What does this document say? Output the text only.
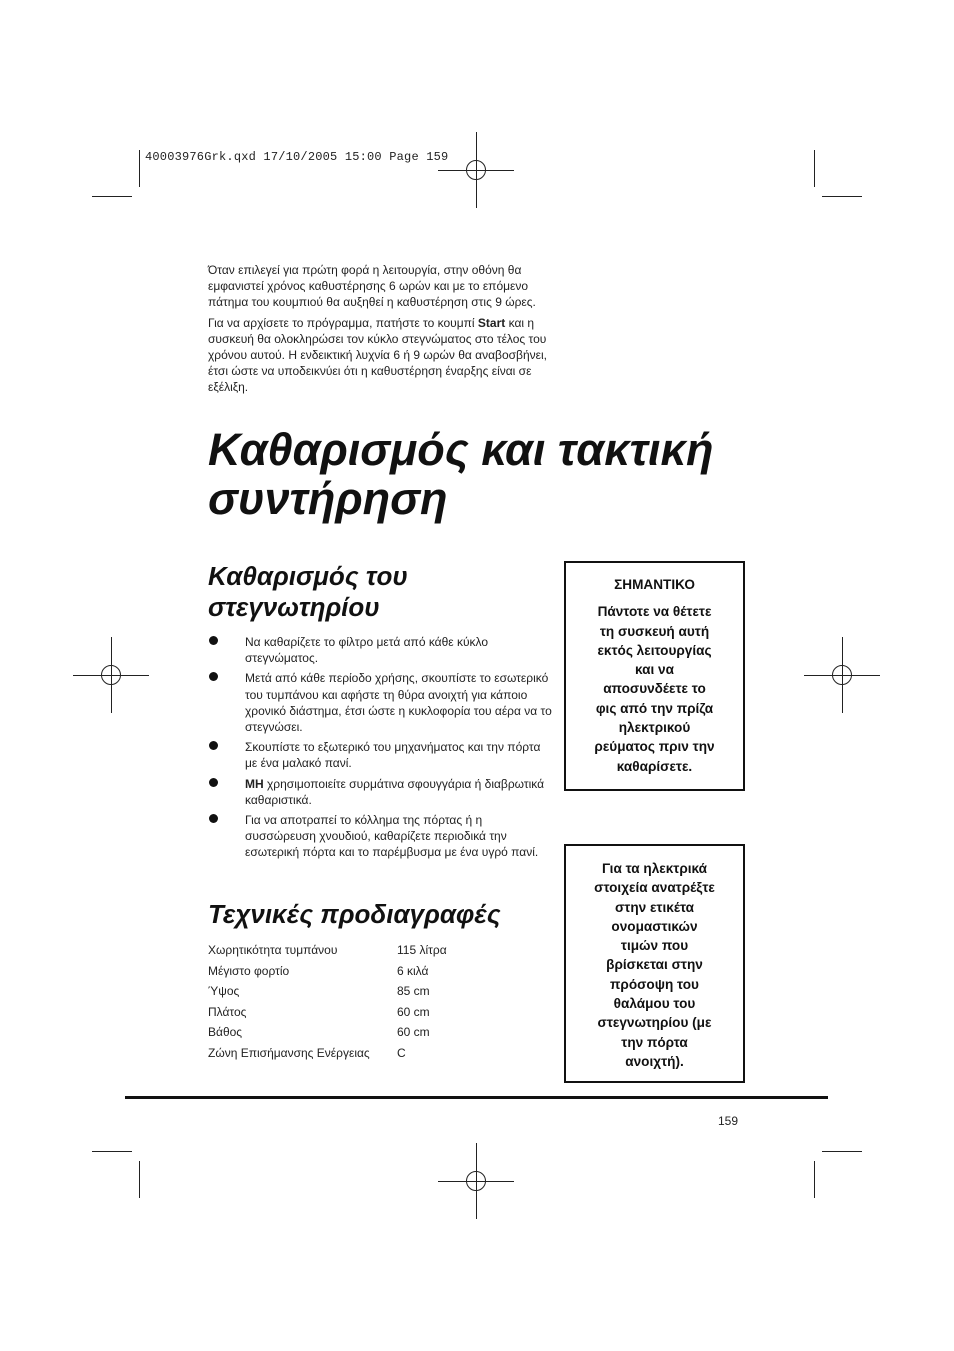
40003976Grk.qxd 17/10/2005 15:00 Page 159

Όταν επιλεγεί για πρώτη φορά η λειτουργία, στην οθόνη θα εμφανιστεί χρόνος καθυστέρησης 6 ωρών και με το επόμενο πάτημα του κουμπιού θα αυξηθεί η καθυστέρηση στις 9 ώρες.

Για να αρχίσετε το πρόγραμμα, πατήστε το κουμπί Start και η συσκευή θα ολοκληρώσει τον κύκλο στεγνώματος στο τέλος του χρόνου αυτού. Η ενδεικτική λυχνία 6 ή 9 ωρών θα αναβοσβήνει, έτσι ώστε να υποδεικνύει ότι η καθυστέρηση έναρξης είναι σε εξέλιξη.

Καθαρισμός και τακτική
συντήρηση
Καθαρισμός του
στεγνωτηρίου
Να καθαρίζετε το φίλτρο μετά από κάθε κύκλο στεγνώματος.
Μετά από κάθε περίοδο χρήσης, σκουπίστε το εσωτερικό του τυμπάνου και αφήστε τη θύρα ανοιχτή για κάποιο χρονικό διάστημα, έτσι ώστε η κυκλοφορία του αέρα να το στεγνώσει.
Σκουπίστε το εξωτερικό του μηχανήματος και την πόρτα με ένα μαλακό πανί.
ΜΗ χρησιμοποιείτε συρμάτινα σφουγγάρια ή διαβρωτικά καθαριστικά.
Για να αποτραπεί το κόλλημα της πόρτας ή η συσσώρευση χνουδιού, καθαρίζετε περιοδικά την εσωτερική πόρτα και το παρέμβυσμα με ένα υγρό πανί.
Τεχνικές προδιαγραφές
Χωρητικότητα τυμπάνου	115 λίτρα
Μέγιστο φορτίο	6 κιλά
Ύψος	85 cm
Πλάτος	60 cm
Βάθος	60 cm
Ζώνη Επισήμανσης Ενέργειας	C
ΣΗΜΑΝΤΙΚΟ
Πάντοτε να θέτετε
τη συσκευή αυτή
εκτός λειτουργίας
και να
αποσυνδέετε το
φις από την πρίζα
ηλεκτρικού
ρεύματος πριν την
καθαρίσετε.
Για τα ηλεκτρικά
στοιχεία ανατρέξτε
στην ετικέτα
ονομαστικών
τιμών που
βρίσκεται στην
πρόσοψη του
θαλάμου του
στεγνωτηρίου (με
την πόρτα
ανοιχτή).
159
